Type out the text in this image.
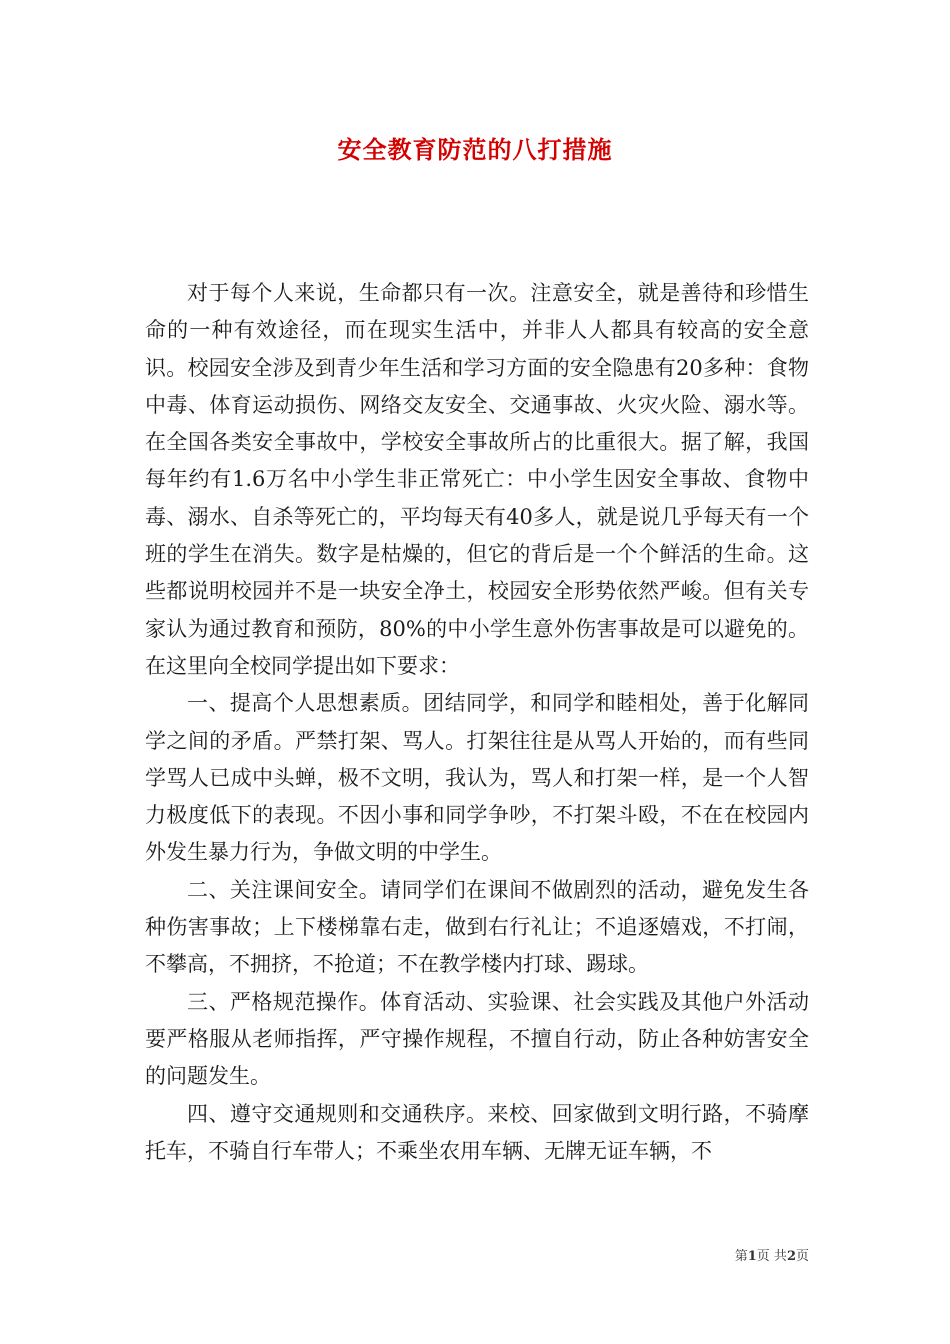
安全教育防范的八打措施

对于每个人来说，生命都只有一次。注意安全，就是善待和珍惜生命的一种有效途径，而在现实生活中，并非人人都具有较高的安全意识。校园安全涉及到青少年生活和学习方面的安全隐患有20多种：食物中毒、体育运动损伤、网络交友安全、交通事故、火灾火险、溺水等。在全国各类安全事故中，学校安全事故所占的比重很大。据了解，我国每年约有1.6万名中小学生非正常死亡：中小学生因安全事故、食物中毒、溺水、自杀等死亡的，平均每天有40多人，就是说几乎每天有一个班的学生在消失。数字是枯燥的，但它的背后是一个个鲜活的生命。这些都说明校园并不是一块安全净土，校园安全形势依然严峻。但有关专家认为通过教育和预防，80%的中小学生意外伤害事故是可以避免的。在这里向全校同学提出如下要求：

一、提高个人思想素质。团结同学，和同学和睦相处，善于化解同学之间的矛盾。严禁打架、骂人。打架往往是从骂人开始的，而有些同学骂人已成中头蝉，极不文明，我认为，骂人和打架一样，是一个人智力极度低下的表现。不因小事和同学争吵，不打架斗殴，不在在校园内外发生暴力行为，争做文明的中学生。

二、关注课间安全。请同学们在课间不做剧烈的活动，避免发生各种伤害事故；上下楼梯靠右走，做到右行礼让；不追逐嬉戏，不打闹，不攀高，不拥挤，不抢道；不在教学楼内打球、踢球。

三、严格规范操作。体育活动、实验课、社会实践及其他户外活动要严格服从老师指挥，严守操作规程，不擅自行动，防止各种妨害安全的问题发生。

四、遵守交通规则和交通秩序。来校、回家做到文明行路，不骑摩托车，不骑自行车带人；不乘坐农用车辆、无牌无证车辆，不

第1页 共2页
